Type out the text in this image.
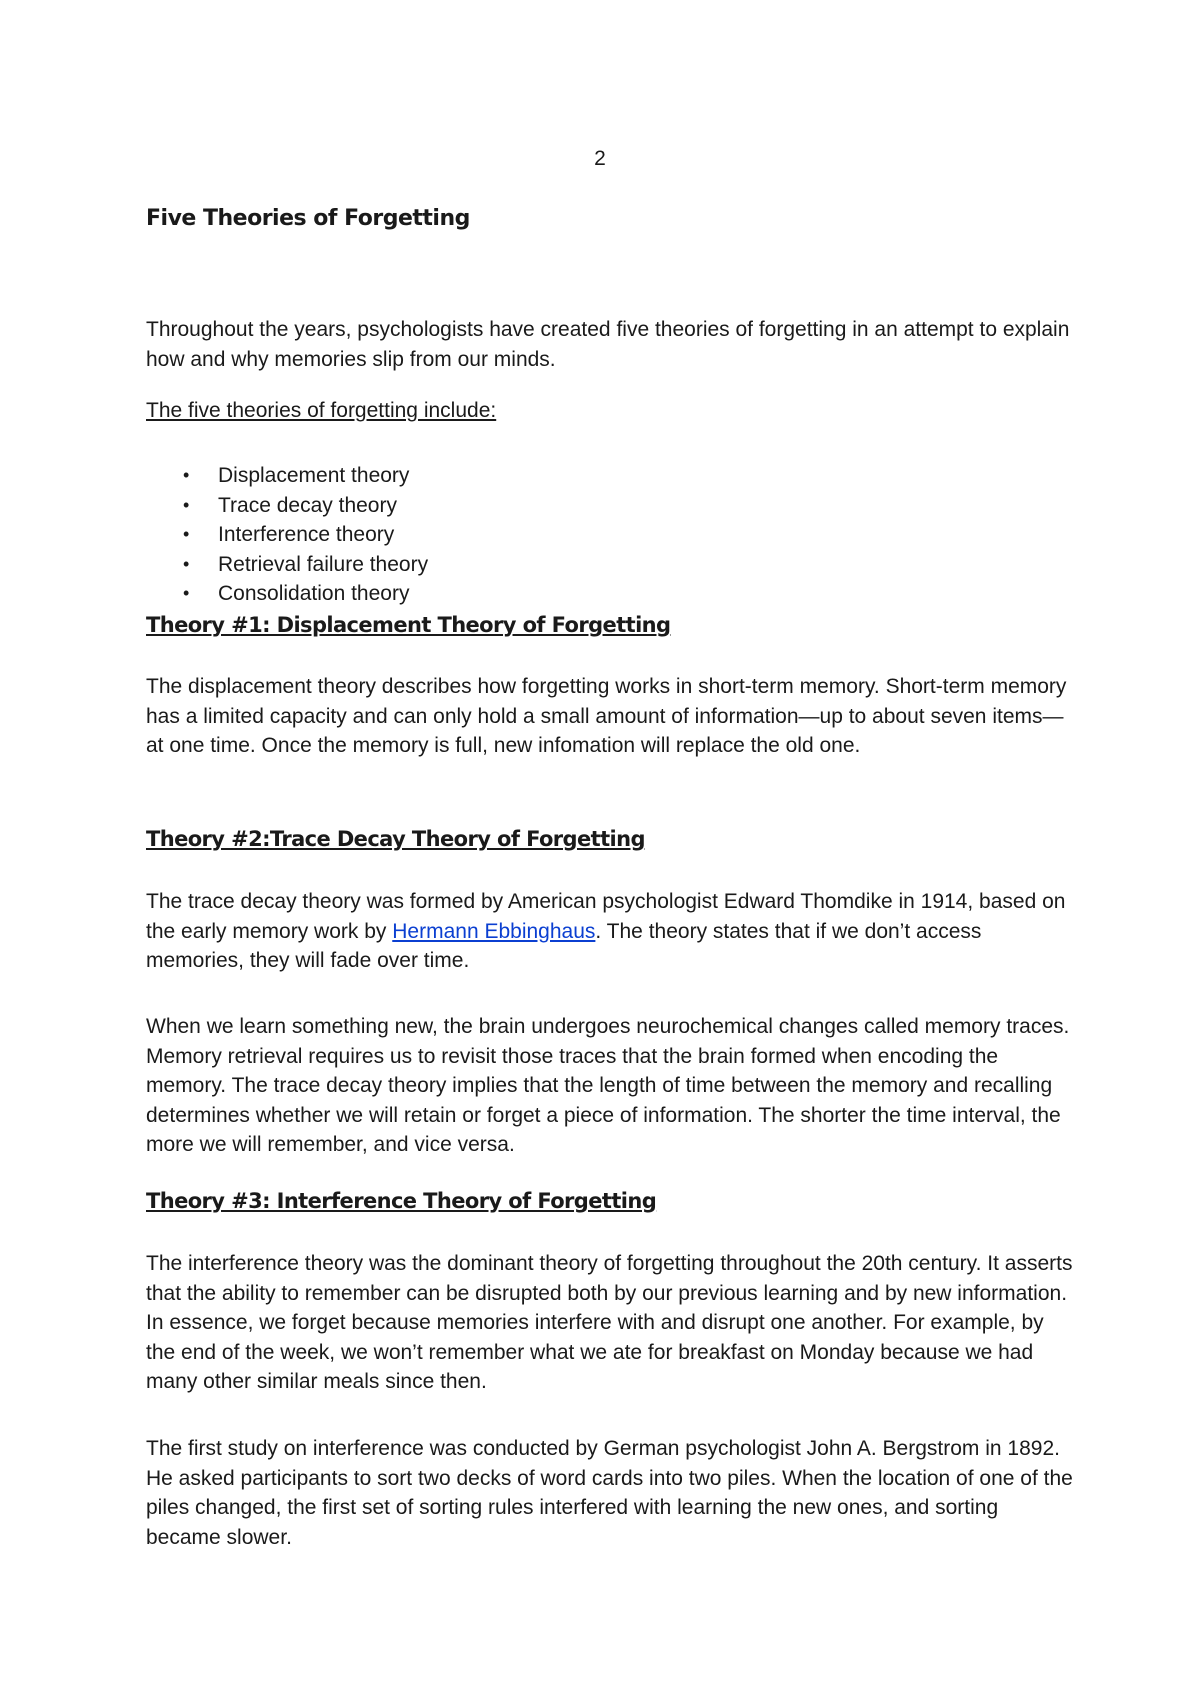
2
Five Theories of Forgetting

Throughout the years, psychologists have created five theories of forgetting in an attempt to explain how and why memories slip from our minds.

The five theories of forgetting include:

• Displacement theory
• Trace decay theory
• Interference theory
• Retrieval failure theory
• Consolidation theory
Theory #1: Displacement Theory of Forgetting

The displacement theory describes how forgetting works in short-term memory. Short-term memory has a limited capacity and can only hold a small amount of information—up to about seven items—at one time. Once the memory is full, new infomation will replace the old one.

Theory #2:Trace Decay Theory of Forgetting

The trace decay theory was formed by American psychologist Edward Thomdike in 1914, based on the early memory work by Hermann Ebbinghaus. The theory states that if we don’t access memories, they will fade over time.

When we learn something new, the brain undergoes neurochemical changes called memory traces. Memory retrieval requires us to revisit those traces that the brain formed when encoding the memory. The trace decay theory implies that the length of time between the memory and recalling determines whether we will retain or forget a piece of information. The shorter the time interval, the more we will remember, and vice versa.

Theory #3: Interference Theory of Forgetting

The interference theory was the dominant theory of forgetting throughout the 20th century. It asserts that the ability to remember can be disrupted both by our previous learning and by new information. In essence, we forget because memories interfere with and disrupt one another. For example, by the end of the week, we won’t remember what we ate for breakfast on Monday because we had many other similar meals since then.

The first study on interference was conducted by German psychologist John A. Bergstrom in 1892. He asked participants to sort two decks of word cards into two piles. When the location of one of the piles changed, the first set of sorting rules interfered with learning the new ones, and sorting became slower.
